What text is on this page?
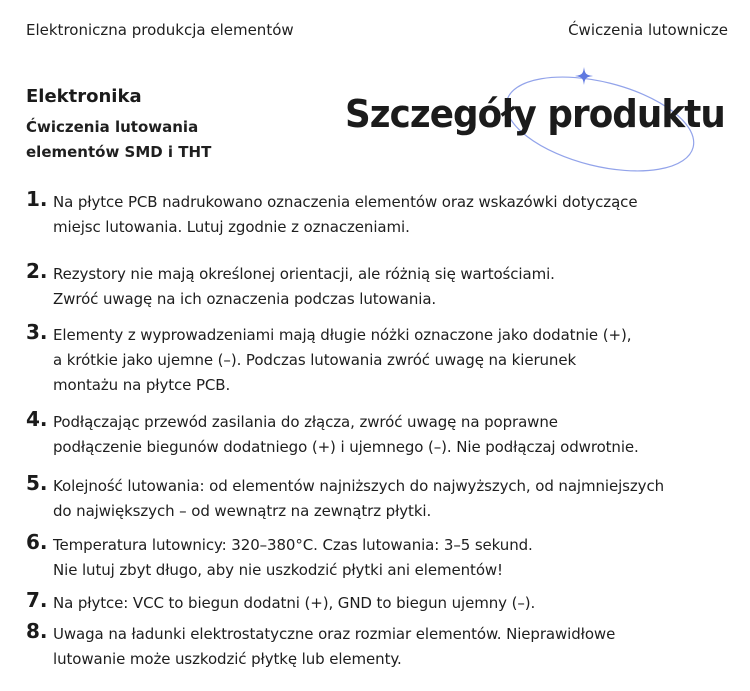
Elektroniczna produkcja elementów	Ćwiczenia lutownicze
Elektronika
Ćwiczenia lutowania
elementów SMD i THT
Szczegóły produktu
1. Na płytce PCB nadrukowano oznaczenia elementów oraz wskazówki dotyczące
miejsc lutowania. Lutuj zgodnie z oznaczeniami.
2. Rezystory nie mają określonej orientacji, ale różnią się wartościami.
Zwróć uwagę na ich oznaczenia podczas lutowania.
3. Elementy z wyprowadzeniami mają długie nóżki oznaczone jako dodatnie (+),
a krótkie jako ujemne (–). Podczas lutowania zwróć uwagę na kierunek
montażu na płytce PCB.
4. Podłączając przewód zasilania do złącza, zwróć uwagę na poprawne
podłączenie biegunów dodatniego (+) i ujemnego (–). Nie podłączaj odwrotnie.
5. Kolejność lutowania: od elementów najniższych do najwyższych, od najmniejszych
do największych – od wewnątrz na zewnątrz płytki.
6. Temperatura lutownicy: 320–380°C. Czas lutowania: 3–5 sekund.
Nie lutuj zbyt długo, aby nie uszkodzić płytki ani elementów!
7. Na płytce: VCC to biegun dodatni (+), GND to biegun ujemny (–).
8. Uwaga na ładunki elektrostatyczne oraz rozmiar elementów. Nieprawidłowe
lutowanie może uszkodzić płytkę lub elementy.
